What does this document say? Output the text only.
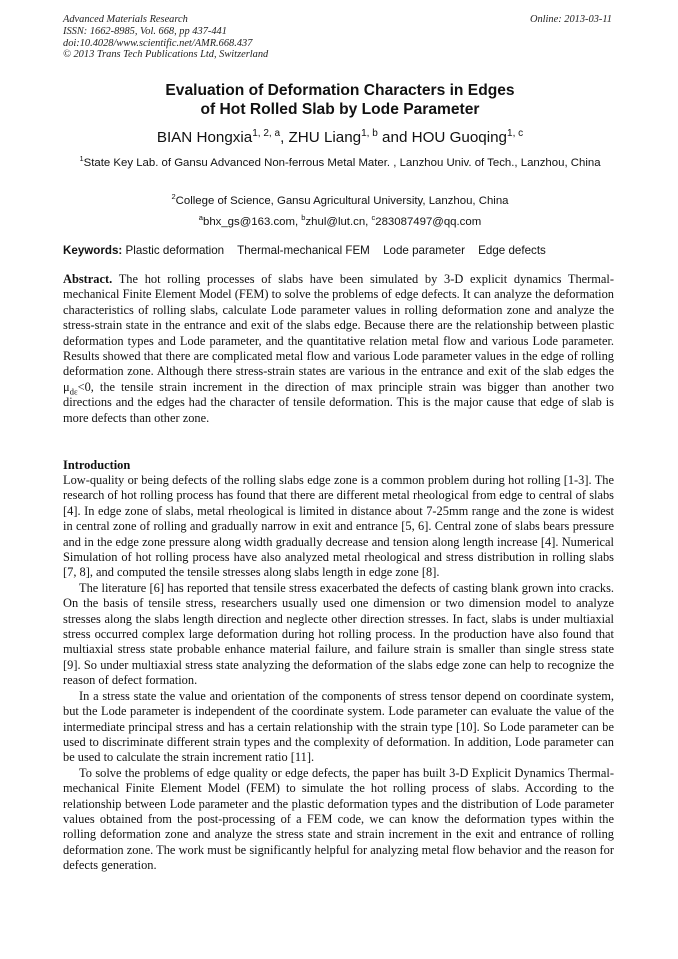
Advanced Materials Research
ISSN: 1662-8985, Vol. 668, pp 437-441
doi:10.4028/www.scientific.net/AMR.668.437
© 2013 Trans Tech Publications Ltd, Switzerland
Online: 2013-03-11
Evaluation of Deformation Characters in Edges
of Hot Rolled Slab by Lode Parameter
BIAN Hongxia$^{1, 2, a}$, ZHU Liang$^{1, b}$ and HOU Guoqing$^{1, c}$
$^1$State Key Lab. of Gansu Advanced Non-ferrous Metal Mater. , Lanzhou Univ. of Tech., Lanzhou, China
$^2$College of Science, Gansu Agricultural University, Lanzhou, China
$^a$bhx_gs@163.com, $^b$zhul@lut.cn, $^c$283087497@qq.com
Keywords: Plastic deformation Thermal-mechanical FEM Lode parameter Edge defects
Abstract. The hot rolling processes of slabs have been simulated by 3-D explicit dynamics Thermal-mechanical Finite Element Model (FEM) to solve the problems of edge defects. It can analyze the deformation characteristics of rolling slabs, calculate Lode parameter values in rolling deformation zone and analyze the stress-strain state in the entrance and exit of the slabs edge. Because there are the relationship between plastic deformation types and Lode parameter, and the quantitative relation metal flow and various Lode parameter. Results showed that there are complicated metal flow and various Lode parameter values in the edge of rolling deformation zone. Although there stress-strain states are various in the entrance and exit of the slab edges the $\mu_{d\varepsilon}<0$, the tensile strain increment in the direction of max principle strain was bigger than another two directions and the edges had the character of tensile deformation. This is the major cause that edge of slab is more defects than other zone.
Introduction

Low-quality or being defects of the rolling slabs edge zone is a common problem during hot rolling [1-3]. The research of hot rolling process has found that there are different metal rheological from edge to central of slabs [4]. In edge zone of slabs, metal rheological is limited in distance about 7-25mm range and the zone is widest in central zone of rolling and gradually narrow in exit and entrance [5, 6]. Central zone of slabs bears pressure and in the edge zone pressure along width gradually decrease and tension along length increase [4]. Numerical Simulation of hot rolling process have also analyzed metal rheological and stress distribution in rolling slabs [7, 8], and computed the tensile stresses along slabs length in edge zone [8].

The literature [6] has reported that tensile stress exacerbated the defects of casting blank grown into cracks. On the basis of tensile stress, researchers usually used one dimension or two dimension model to analyze stresses along the slabs length direction and neglecte other direction stresses. In fact, slabs is under multiaxial stress occurred complex large deformation during hot rolling process. In the production have also found that multiaxial stress state probable enhance material failure, and failure strain is smaller than single stress state [9]. So under multiaxial stress state analyzing the deformation of the slabs edge zone can help to recognize the reason of defect formation.

In a stress state the value and orientation of the components of stress tensor depend on coordinate system, but the Lode parameter is independent of the coordinate system. Lode parameter can evaluate the value of the intermediate principal stress and has a certain relationship with the strain type [10]. So Lode parameter can be used to discriminate different strain types and the complexity of deformation. In addition, Lode parameter can be used to calculate the strain increment ratio [11].

To solve the problems of edge quality or edge defects, the paper has built 3-D Explicit Dynamics Thermal-mechanical Finite Element Model (FEM) to simulate the hot rolling process of slabs. According to the relationship between Lode parameter and the plastic deformation types and the distribution of Lode parameter values obtained from the post-processing of a FEM code, we can know the deformation types within the rolling deformation zone and analyze the stress state and strain increment in the exit and entrance of rolling deformation zone. The work must be significantly helpful for analyzing metal flow behavior and the reason for defects generation.
